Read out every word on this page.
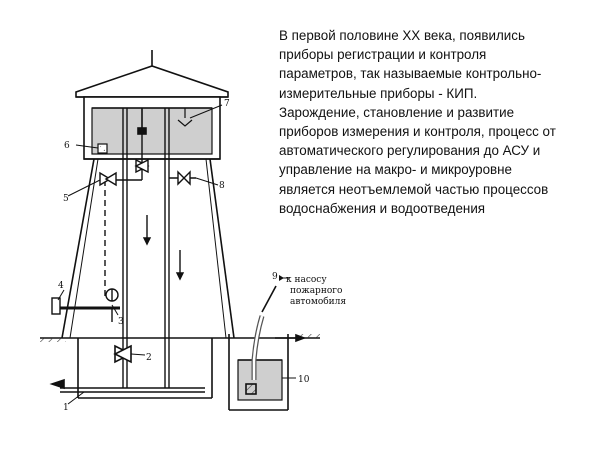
1
2
3
4
5
6
7
8
9
10
к насосу
пожарного
автомобиля
В первой половине ХХ века, появились
приборы регистрации и контроля
параметров, так называемые контрольно-
измерительные приборы - КИП.
Зарождение, становление и развитие
приборов измерения и контроля, процесс от
автоматического регулирования до АСУ и
управление на макро- и микроуровне
является неотъемлемой частью процессов
водоснабжения и водоотведения
